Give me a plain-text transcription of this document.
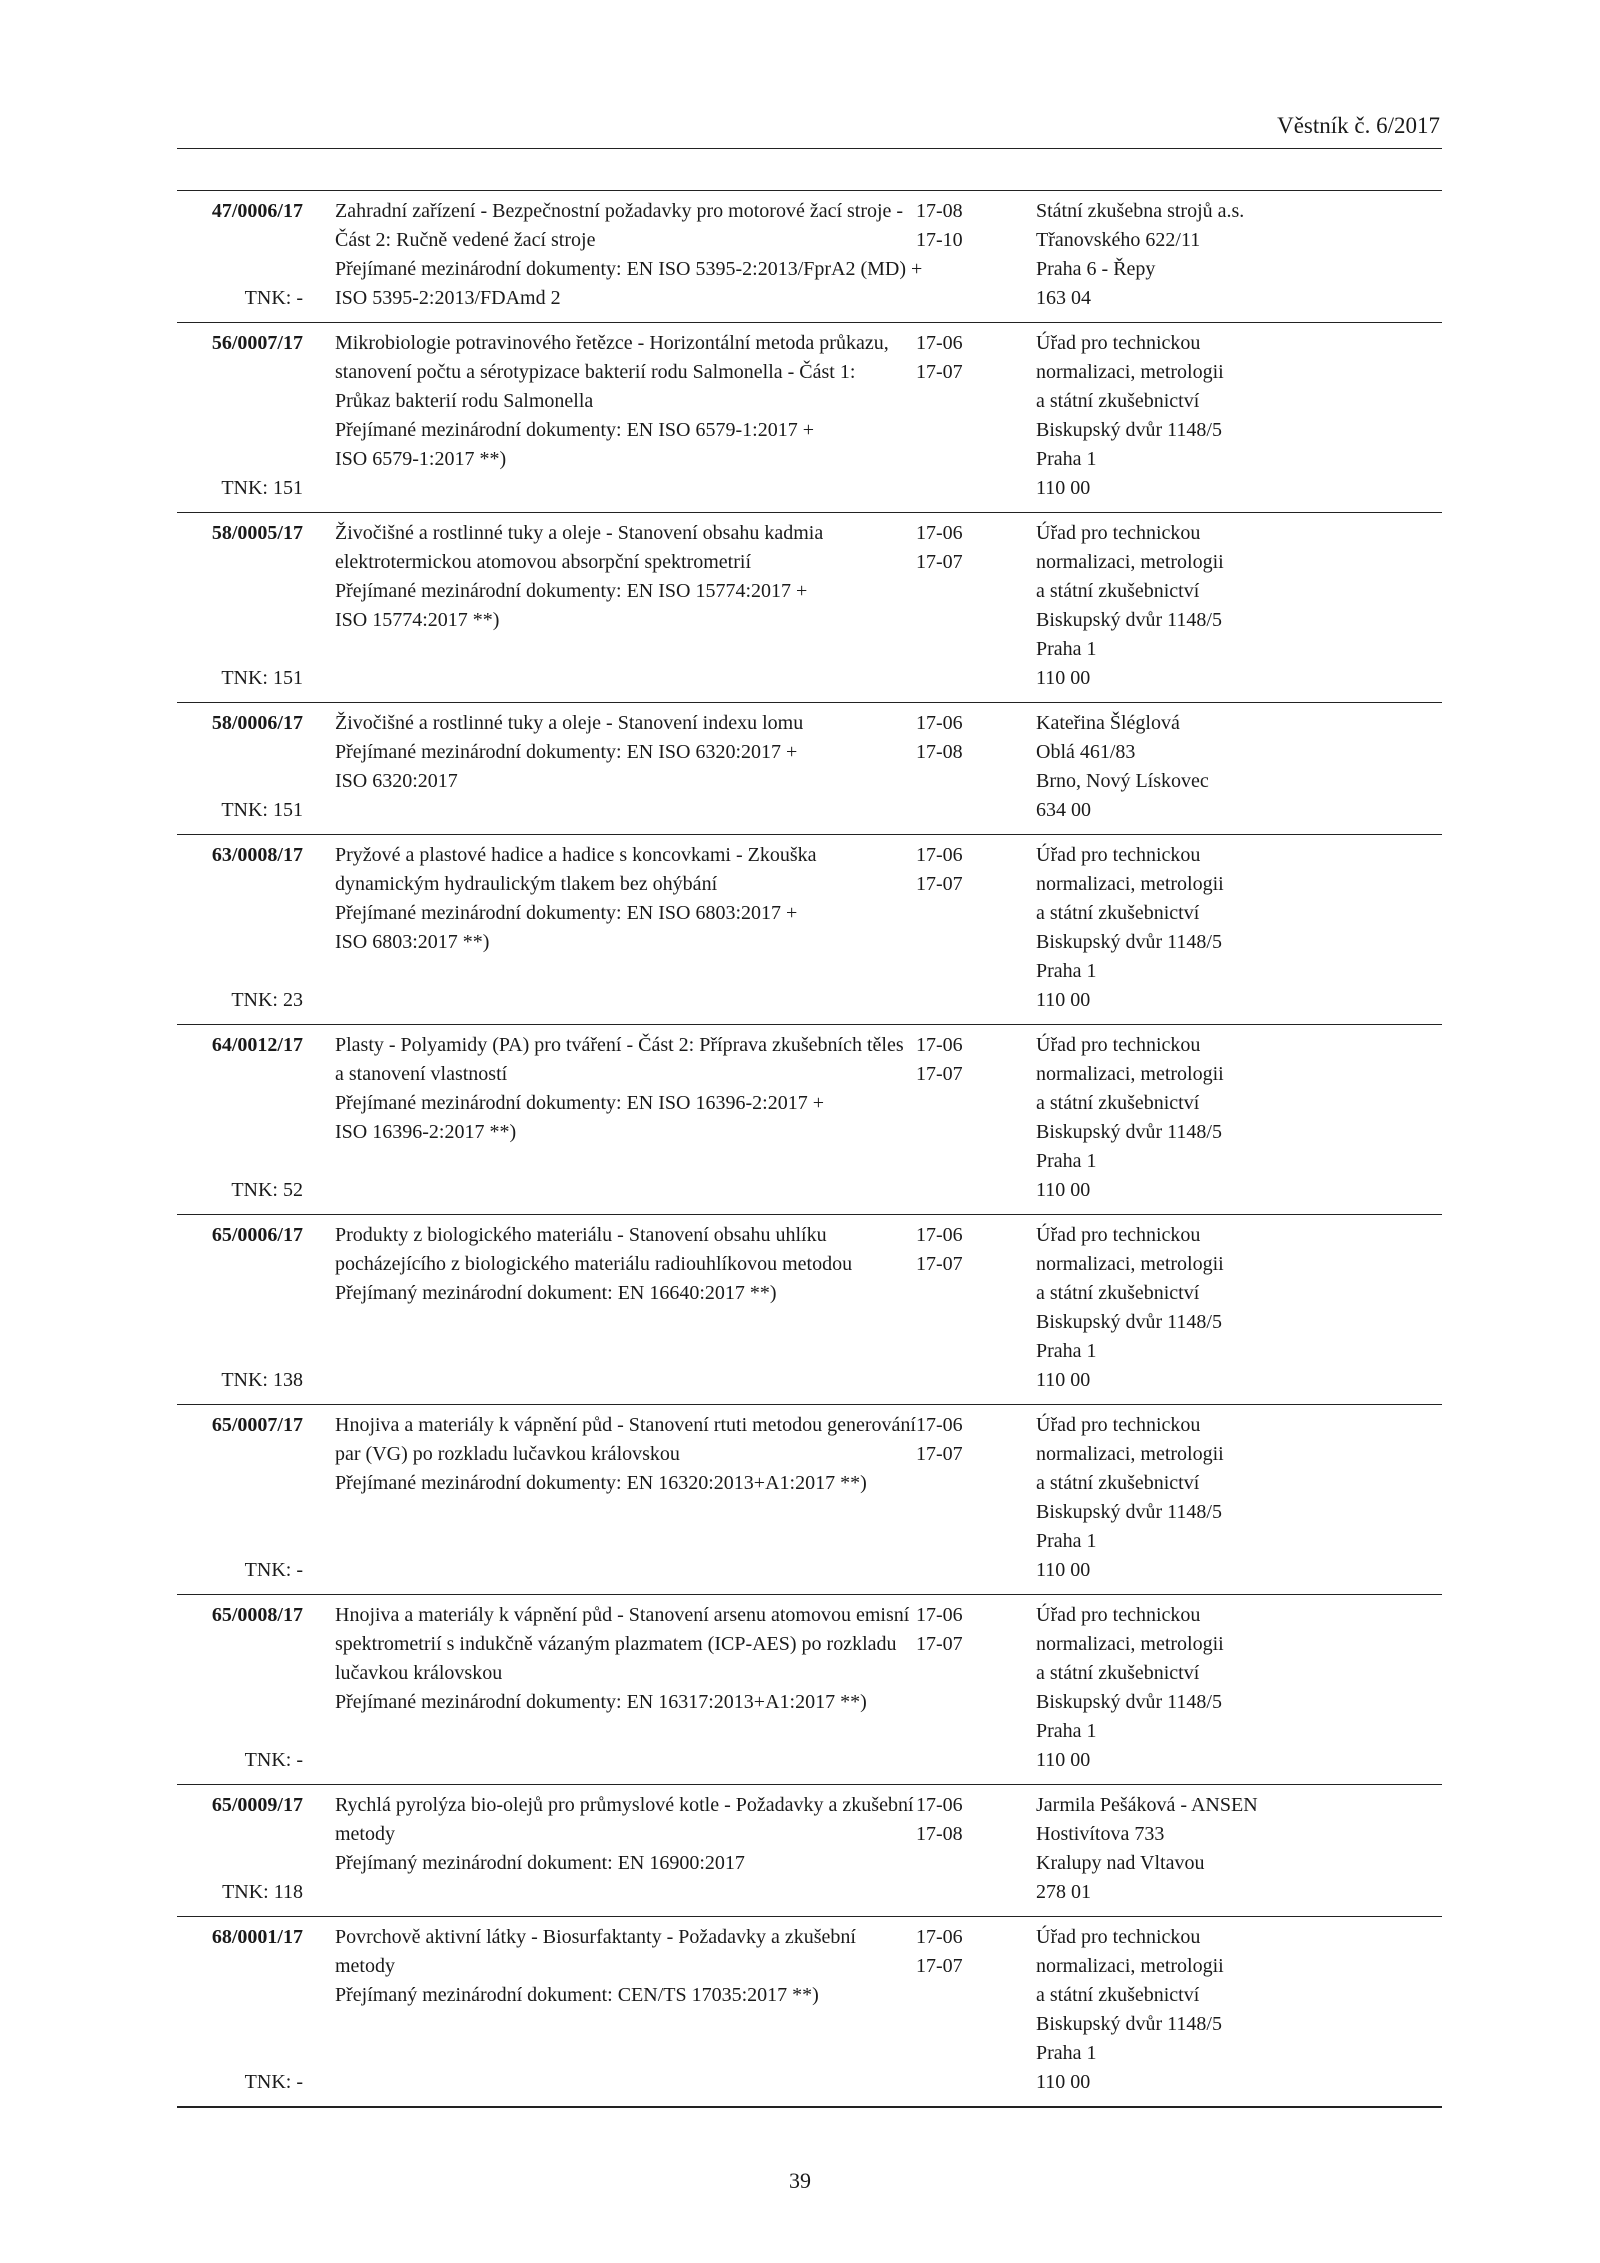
Věstník č. 6/2017
47/0006/17
TNK: -
Zahradní zařízení - Bezpečnostní požadavky pro motorové žací stroje -
Část 2: Ručně vedené žací stroje
Přejímané mezinárodní dokumenty: EN ISO 5395-2:2013/FprA2 (MD) +
ISO 5395-2:2013/FDAmd 2
17-08
17-10
Státní zkušebna strojů a.s.
Třanovského 622/11
Praha 6 - Řepy
163 04
56/0007/17
TNK: 151
Mikrobiologie potravinového řetězce - Horizontální metoda průkazu,
stanovení počtu a sérotypizace bakterií rodu Salmonella - Část 1:
Průkaz bakterií rodu Salmonella
Přejímané mezinárodní dokumenty: EN ISO 6579-1:2017 +
ISO 6579-1:2017 **)
17-06
17-07
Úřad pro technickou
normalizaci, metrologii
a státní zkušebnictví
Biskupský dvůr 1148/5
Praha 1
110 00
58/0005/17
TNK: 151
Živočišné a rostlinné tuky a oleje - Stanovení obsahu kadmia
elektrotermickou atomovou absorpční spektrometrií
Přejímané mezinárodní dokumenty: EN ISO 15774:2017 +
ISO 15774:2017 **)
17-06
17-07
Úřad pro technickou
normalizaci, metrologii
a státní zkušebnictví
Biskupský dvůr 1148/5
Praha 1
110 00
58/0006/17
TNK: 151
Živočišné a rostlinné tuky a oleje - Stanovení indexu lomu
Přejímané mezinárodní dokumenty: EN ISO 6320:2017 +
ISO 6320:2017
17-06
17-08
Kateřina Šléglová
Oblá 461/83
Brno, Nový Lískovec
634 00
63/0008/17
TNK: 23
Pryžové a plastové hadice a hadice s koncovkami - Zkouška
dynamickým hydraulickým tlakem bez ohýbání
Přejímané mezinárodní dokumenty: EN ISO 6803:2017 +
ISO 6803:2017 **)
17-06
17-07
Úřad pro technickou
normalizaci, metrologii
a státní zkušebnictví
Biskupský dvůr 1148/5
Praha 1
110 00
64/0012/17
TNK: 52
Plasty - Polyamidy (PA) pro tváření - Část 2: Příprava zkušebních těles
a stanovení vlastností
Přejímané mezinárodní dokumenty: EN ISO 16396-2:2017 +
ISO 16396-2:2017 **)
17-06
17-07
Úřad pro technickou
normalizaci, metrologii
a státní zkušebnictví
Biskupský dvůr 1148/5
Praha 1
110 00
65/0006/17
TNK: 138
Produkty z biologického materiálu - Stanovení obsahu uhlíku
pocházejícího z biologického materiálu radiouhlíkovou metodou
Přejímaný mezinárodní dokument: EN 16640:2017 **)
17-06
17-07
Úřad pro technickou
normalizaci, metrologii
a státní zkušebnictví
Biskupský dvůr 1148/5
Praha 1
110 00
65/0007/17
TNK: -
Hnojiva a materiály k vápnění půd - Stanovení rtuti metodou generování
par (VG) po rozkladu lučavkou královskou
Přejímané mezinárodní dokumenty: EN 16320:2013+A1:2017 **)
17-06
17-07
Úřad pro technickou
normalizaci, metrologii
a státní zkušebnictví
Biskupský dvůr 1148/5
Praha 1
110 00
65/0008/17
TNK: -
Hnojiva a materiály k vápnění půd - Stanovení arsenu atomovou emisní
spektrometrií s indukčně vázaným plazmatem (ICP-AES) po rozkladu
lučavkou královskou
Přejímané mezinárodní dokumenty: EN 16317:2013+A1:2017 **)
17-06
17-07
Úřad pro technickou
normalizaci, metrologii
a státní zkušebnictví
Biskupský dvůr 1148/5
Praha 1
110 00
65/0009/17
TNK: 118
Rychlá pyrolýza bio-olejů pro průmyslové kotle - Požadavky a zkušební
metody
Přejímaný mezinárodní dokument: EN 16900:2017
17-06
17-08
Jarmila Pešáková - ANSEN
Hostivítova 733
Kralupy nad Vltavou
278 01
68/0001/17
TNK: -
Povrchově aktivní látky - Biosurfaktanty - Požadavky a zkušební
metody
Přejímaný mezinárodní dokument: CEN/TS 17035:2017 **)
17-06
17-07
Úřad pro technickou
normalizaci, metrologii
a státní zkušebnictví
Biskupský dvůr 1148/5
Praha 1
110 00
39
